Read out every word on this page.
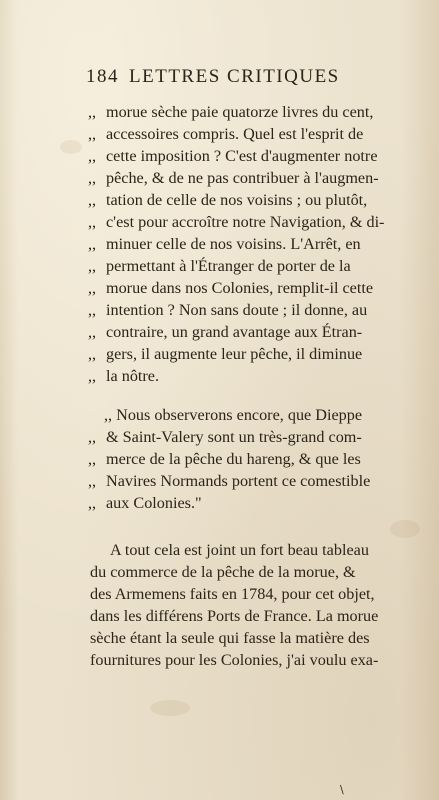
184 LETTRES CRITIQUES
,, morue sèche paie quatorze livres du cent,
,, accessoires compris. Quel est l'esprit de
,, cette imposition ? C'est d'augmenter notre
,, pêche, & de ne pas contribuer à l'augmen-
,, tation de celle de nos voisins ; ou plutôt,
,, c'est pour accroître notre Navigation, & di-
,, minuer celle de nos voisins. L'Arrêt, en
,, permettant à l'Étranger de porter de la
,, morue dans nos Colonies, remplit-il cette
,, intention ? Non sans doute ; il donne, au
,, contraire, un grand avantage aux Étran-
,, gers, il augmente leur pêche, il diminue
,, la nôtre.
,, Nous observerons encore, que Dieppe
,, & Saint-Valery sont un très-grand com-
,, merce de la pêche du hareng, & que les
,, Navires Normands portent ce comestible
,, aux Colonies."
A tout cela est joint un fort beau tableau
du commerce de la pêche de la morue, &
des Armemens faits en 1784, pour cet objet,
dans les différens Ports de France. La morue
sèche étant la seule qui fasse la matière des
fournitures pour les Colonies, j'ai voulu exa-
\
